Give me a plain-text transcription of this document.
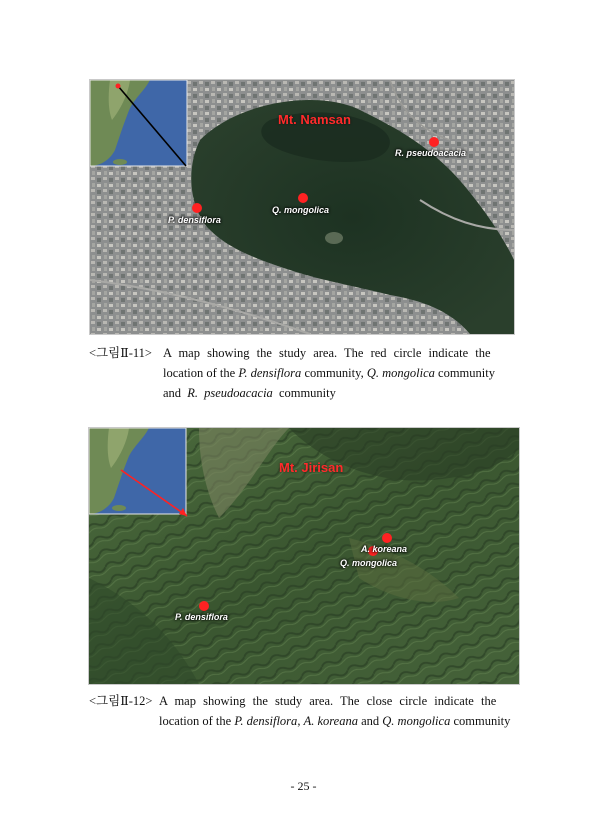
Mt. Namsan
P. densiflora
Q. mongolica
R. pseudoacacia
<그림Ⅱ-11> A map showing the study area. The red circle indicate the
location of the P. densiflora community, Q. mongolica community
and R. pseudoacacia community
Mt. Jirisan
A. koreana
Q. mongolica
P. densiflora
<그림Ⅱ-12> A map showing the study area. The close circle indicate the
location of the P. densiflora, A. koreana and Q. mongolica community
- 25 -
